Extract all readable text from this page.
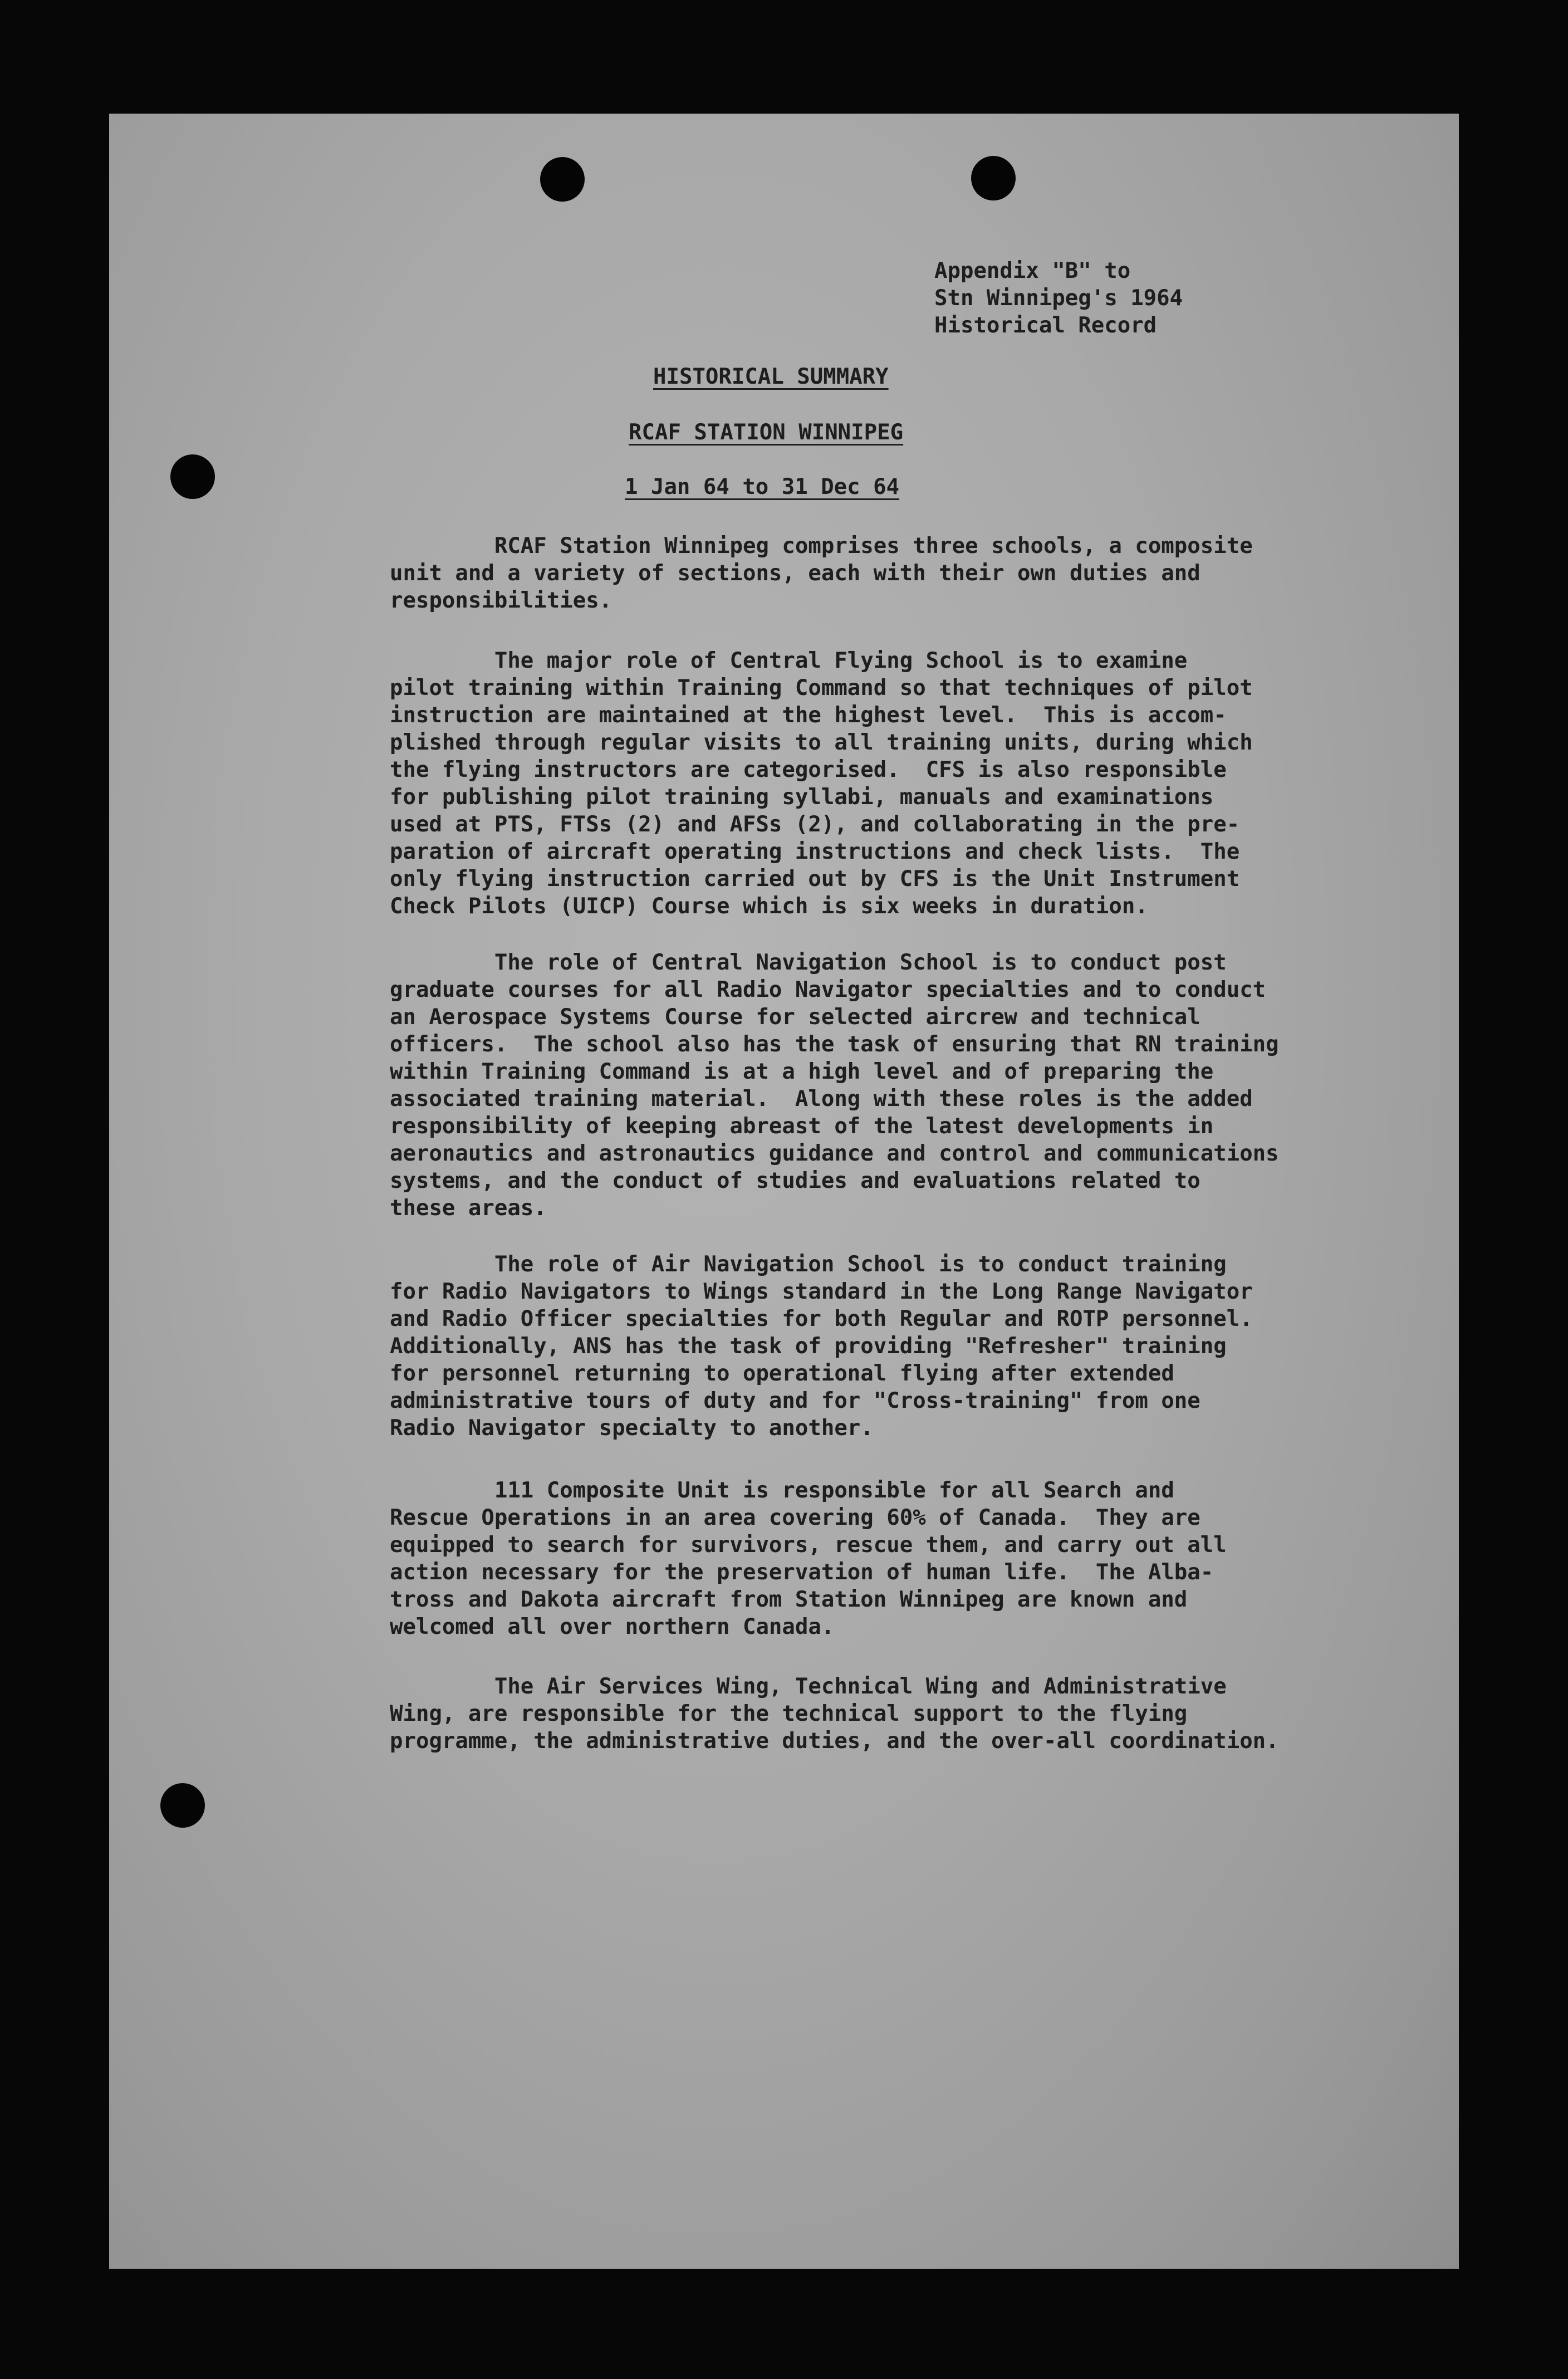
Appendix "B" to
Stn Winnipeg's 1964
Historical Record
HISTORICAL SUMMARY
RCAF STATION WINNIPEG
1 Jan 64 to 31 Dec 64
RCAF Station Winnipeg comprises three schools, a composite
unit and a variety of sections, each with their own duties and
responsibilities.
The major role of Central Flying School is to examine
pilot training within Training Command so that techniques of pilot
instruction are maintained at the highest level.  This is accom-
plished through regular visits to all training units, during which
the flying instructors are categorised.  CFS is also responsible
for publishing pilot training syllabi, manuals and examinations
used at PTS, FTSs (2) and AFSs (2), and collaborating in the pre-
paration of aircraft operating instructions and check lists.  The
only flying instruction carried out by CFS is the Unit Instrument
Check Pilots (UICP) Course which is six weeks in duration.
The role of Central Navigation School is to conduct post
graduate courses for all Radio Navigator specialties and to conduct
an Aerospace Systems Course for selected aircrew and technical
officers.  The school also has the task of ensuring that RN training
within Training Command is at a high level and of preparing the
associated training material.  Along with these roles is the added
responsibility of keeping abreast of the latest developments in
aeronautics and astronautics guidance and control and communications
systems, and the conduct of studies and evaluations related to
these areas.
The role of Air Navigation School is to conduct training
for Radio Navigators to Wings standard in the Long Range Navigator
and Radio Officer specialties for both Regular and ROTP personnel.
Additionally, ANS has the task of providing "Refresher" training
for personnel returning to operational flying after extended
administrative tours of duty and for "Cross-training" from one
Radio Navigator specialty to another.
111 Composite Unit is responsible for all Search and
Rescue Operations in an area covering 60% of Canada.  They are
equipped to search for survivors, rescue them, and carry out all
action necessary for the preservation of human life.  The Alba-
tross and Dakota aircraft from Station Winnipeg are known and
welcomed all over northern Canada.
The Air Services Wing, Technical Wing and Administrative
Wing, are responsible for the technical support to the flying
programme, the administrative duties, and the over-all coordination.
